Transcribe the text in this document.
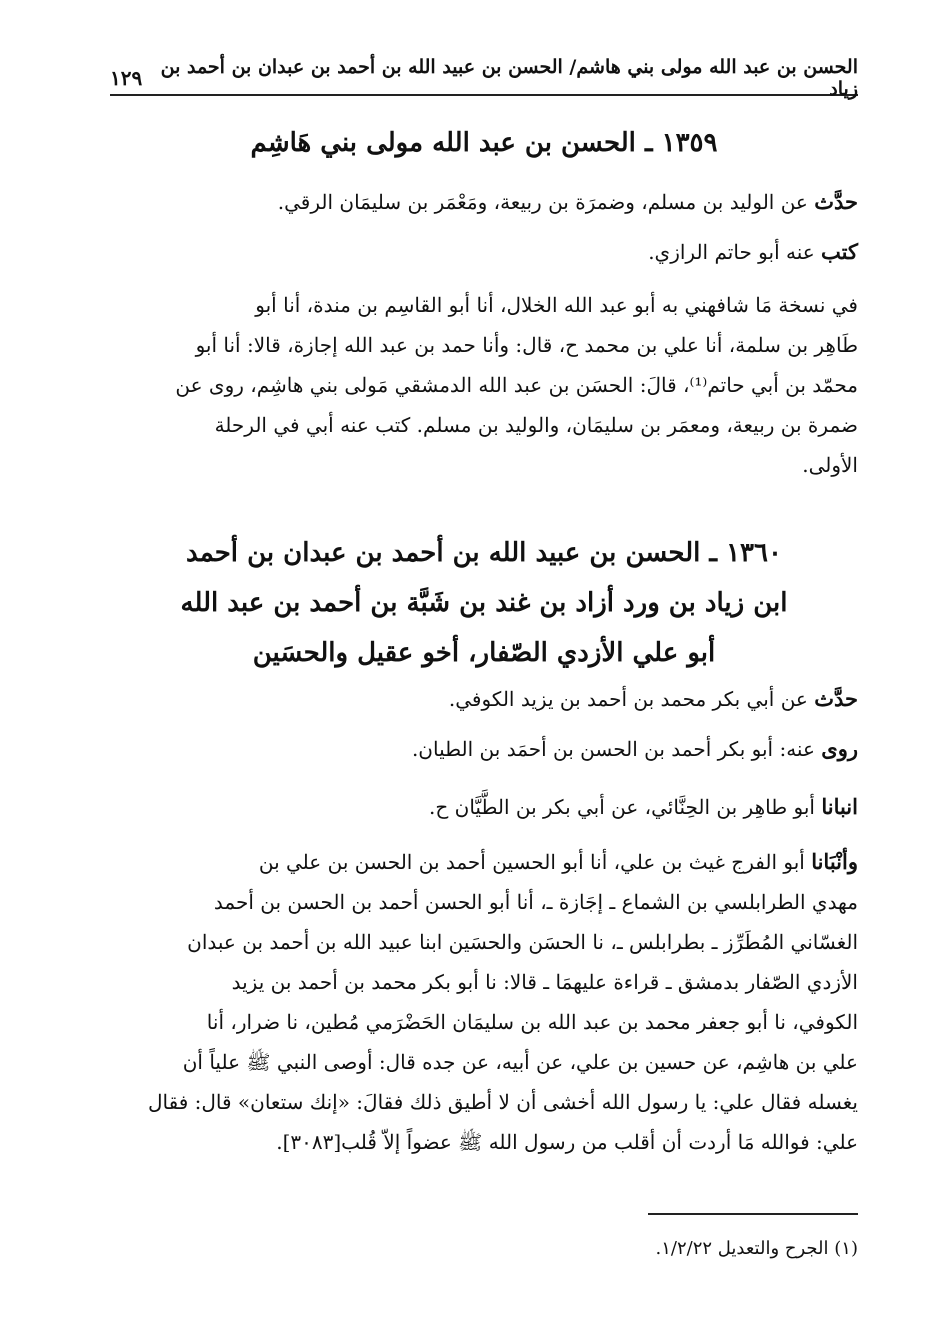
الحسن بن عبد الله مولى بني هاشم/ الحسن بن عبيد الله بن أحمد بن عبدان بن أحمد بن زياد
١٢٩
١٣٥٩ ـ الحسن بن عبد الله مولى بني هَاشِم

حدَّث عن الوليد بن مسلم، وضمرَة بن ربيعة، ومَعْمَر بن سليمَان الرقي.

كتب عنه أبو حاتم الرازي.

في نسخة مَا شافهني به أبو عبد الله الخلال، أنا أبو القاسِم بن مندة، أنا أبو

طَاهِر بن سلمة، أنا علي بن محمد ح، قال: وأنا حمد بن عبد الله إجازة، قالا: أنا أبو

محمّد بن أبي حاتم⁽¹⁾، قالَ: الحسَن بن عبد الله الدمشقي مَولى بني هاشِم، روى عن

ضمرة بن ربيعة، ومعمَر بن سليمَان، والوليد بن مسلم. كتب عنه أبي في الرحلة

الأولى.

١٣٦٠ ـ الحسن بن عبيد الله بن أحمد بن عبدان بن أحمد
ابن زياد بن ورد أزاد بن غند بن شَبَّة بن أحمد بن عبد الله
أبو علي الأزدي الصّفار، أخو عقيل والحسَين

حدَّث عن أبي بكر محمد بن أحمد بن يزيد الكوفي.

روى عنه: أبو بكر أحمد بن الحسن بن أحمَد بن الطيان.

انبانا أبو طاهِر بن الحِنَّائي، عن أبي بكر بن الطَّيَّان ح.

وأنْبَانا أبو الفرج غيث بن علي، أنا أبو الحسين أحمد بن الحسن بن علي بن

مهدي الطرابلسي بن الشماع ـ إجَازة ـ، أنا أبو الحسن أحمد بن الحسن بن أحمد

الغسّاني المُطَرِّز ـ بطرابلس ـ، نا الحسَن والحسَين ابنا عبيد الله بن أحمد بن عبدان

الأزدي الصّفار بدمشق ـ قراءة عليهمَا ـ قالا: نا أبو بكر محمد بن أحمد بن يزيد

الكوفي، نا أبو جعفر محمد بن عبد الله بن سليمَان الحَضْرَمي مُطين، نا ضرار، أنا

علي بن هاشِم، عن حسين بن علي، عن أبيه، عن جده قال: أوصى النبي ﷺ علياً أن

يغسله فقال علي: يا رسول الله أخشى أن لا أطيق ذلك فقالَ: «إنك ستعان» قال: فقال

علي: فوالله مَا أردت أن أقلب من رسول الله ﷺ عضواً إلاّ قُلب[٣٠٨٣].

(١) الجرح والتعديل ١/٢/٢٢.
